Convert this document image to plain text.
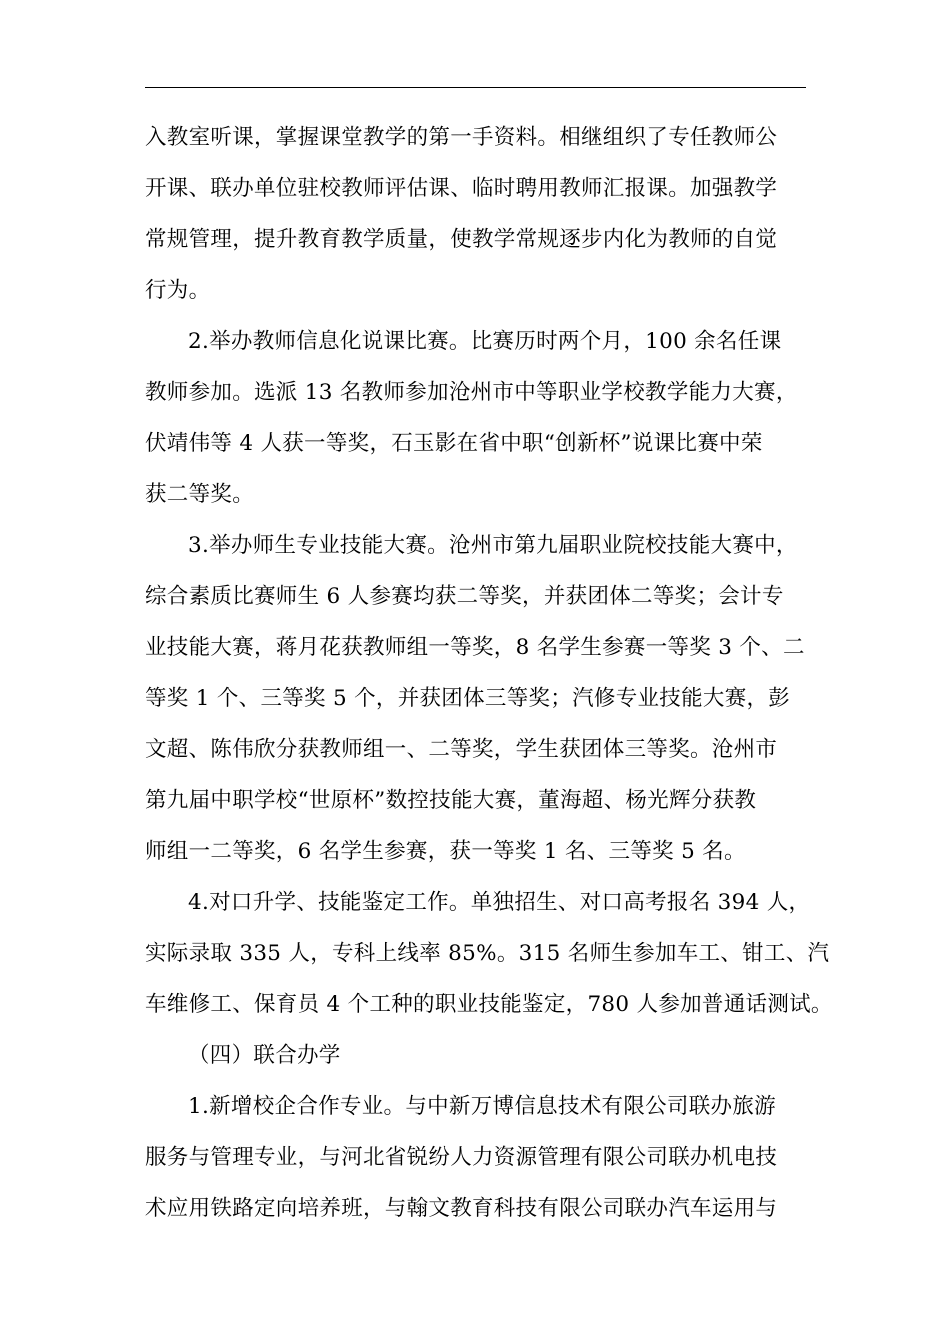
入教室听课，掌握课堂教学的第一手资料。相继组织了专任教师公
开课、联办单位驻校教师评估课、临时聘用教师汇报课。加强教学
常规管理，提升教育教学质量，使教学常规逐步内化为教师的自觉
行为。
2.举办教师信息化说课比赛。比赛历时两个月，100 余名任课
教师参加。选派 13 名教师参加沧州市中等职业学校教学能力大赛，
伏靖伟等 4 人获一等奖，石玉影在省中职“创新杯”说课比赛中荣
获二等奖。
3.举办师生专业技能大赛。沧州市第九届职业院校技能大赛中，
综合素质比赛师生 6 人参赛均获二等奖，并获团体二等奖；会计专
业技能大赛，蒋月花获教师组一等奖，8 名学生参赛一等奖 3 个、二
等奖 1 个、三等奖 5 个，并获团体三等奖；汽修专业技能大赛，彭
文超、陈伟欣分获教师组一、二等奖，学生获团体三等奖。沧州市
第九届中职学校“世原杯”数控技能大赛，董海超、杨光辉分获教
师组一二等奖，6 名学生参赛，获一等奖 1 名、三等奖 5 名。
4.对口升学、技能鉴定工作。单独招生、对口高考报名 394 人，
实际录取 335 人，专科上线率 85%。315 名师生参加车工、钳工、汽
车维修工、保育员 4 个工种的职业技能鉴定，780 人参加普通话测试。
（四）联合办学
1.新增校企合作专业。与中新万博信息技术有限公司联办旅游
服务与管理专业，与河北省锐纷人力资源管理有限公司联办机电技
术应用铁路定向培养班，与翰文教育科技有限公司联办汽车运用与
